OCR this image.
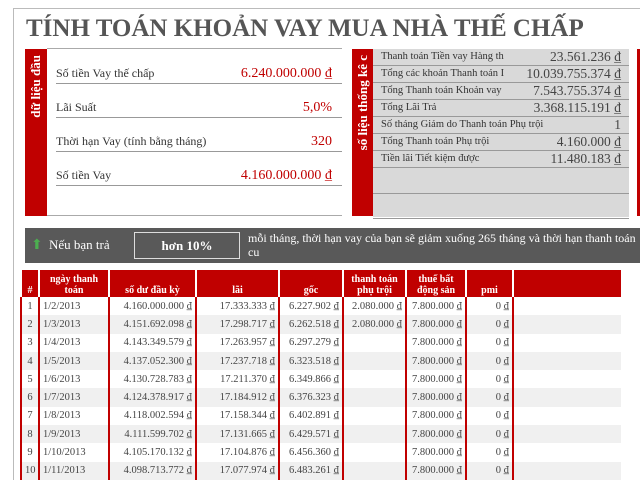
TÍNH TOÁN KHOẢN VAY MUA NHÀ THẾ CHẤP
dữ liệu đầu Số tiền Vay thế chấp	6.240.000.000 ₫
Lãi Suất	5,0%
Thời hạn Vay (tính bằng tháng)	320
Số tiền Vay	4.160.000.000 ₫
số liệu thống kê c Thanh toán Tiền vay Hàng th	23.561.236 ₫
Tổng các khoản Thanh toán I 10.039.755.374 ₫
Tổng Thanh toán Khoản vay 7.543.755.374 ₫
Tổng Lãi Trả	3.368.115.191 ₫
Số tháng Giảm do Thanh toán Phụ trội	1
Tổng Thanh toán Phụ trội	4.160.000 ₫
Tiền lãi Tiết kiệm được	11.480.183 ₫
⬆ Nếu bạn trả	hơn 10%	mỗi tháng, thời hạn vay của bạn sẽ giảm xuống 265 tháng và thời hạn thanh toán cu
#	ngày thanh toán	số dư đầu kỳ	lãi	gốc	thanh toán phụ trội	thuế bất động sản	pmi	
1	1/2/2013	4.160.000.000 ₫	17.333.333 ₫	6.227.902 ₫	2.080.000 ₫	7.800.000 ₫	0 ₫	
2	1/3/2013	4.151.692.098 ₫	17.298.717 ₫	6.262.518 ₫	2.080.000 ₫	7.800.000 ₫	0 ₫	
3	1/4/2013	4.143.349.579 ₫	17.263.957 ₫	6.297.279 ₫		7.800.000 ₫	0 ₫	
4	1/5/2013	4.137.052.300 ₫	17.237.718 ₫	6.323.518 ₫		7.800.000 ₫	0 ₫	
5	1/6/2013	4.130.728.783 ₫	17.211.370 ₫	6.349.866 ₫		7.800.000 ₫	0 ₫	
6	1/7/2013	4.124.378.917 ₫	17.184.912 ₫	6.376.323 ₫		7.800.000 ₫	0 ₫	
7	1/8/2013	4.118.002.594 ₫	17.158.344 ₫	6.402.891 ₫		7.800.000 ₫	0 ₫	
8	1/9/2013	4.111.599.702 ₫	17.131.665 ₫	6.429.571 ₫		7.800.000 ₫	0 ₫	
9	1/10/2013	4.105.170.132 ₫	17.104.876 ₫	6.456.360 ₫		7.800.000 ₫	0 ₫	
10	1/11/2013	4.098.713.772 ₫	17.077.974 ₫	6.483.261 ₫		7.800.000 ₫	0 ₫	
